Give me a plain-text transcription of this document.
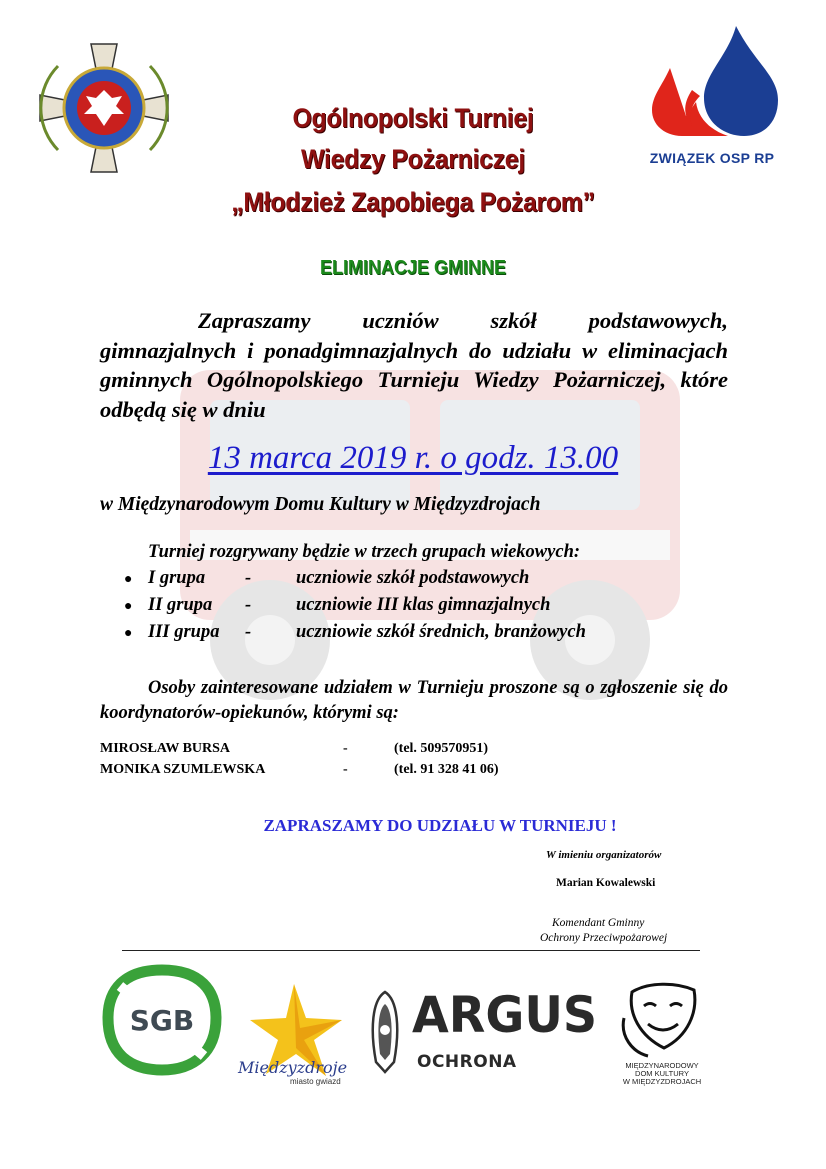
ZWIĄZEK OSP RP
Ogólnopolski Turniej
Wiedzy Pożarniczej
„Młodzież Zapobiega Pożarom”
ELIMINACJE GMINNE
Zapraszamy uczniów szkół podstawowych, gimnazjalnych i ponadgimnazjalnych do udziału w eliminacjach gminnych Ogólnopolskiego Turnieju Wiedzy Pożarniczej, które odbędą się w dniu
13 marca 2019 r. o godz. 13.00
w Międzynarodowym Domu Kultury w Międzyzdrojach
Turniej rozgrywany będzie w trzech grupach wiekowych:
● I grupa - uczniowie szkół podstawowych
● II grupa - uczniowie III klas gimnazjalnych
● III grupa - uczniowie szkół średnich, branżowych
Osoby zainteresowane udziałem w Turnieju proszone są o zgłoszenie się do koordynatorów-opiekunów, którymi są:
MIROSŁAW BURSA	-	(tel. 509570951)
MONIKA SZUMLEWSKA	-	(tel. 91 328 41 06)
ZAPRASZAMY DO UDZIAŁU W TURNIEJU !
W imieniu organizatorów
Marian Kowalewski
Komendant Gminny
Ochrony Przeciwpożarowej
SGB
Międzyzdroje
miasto gwiazd
ARGUS
OCHRONA	MIĘDZYNARODOWY
DOM KULTURY
W MIĘDZYZDROJACH
